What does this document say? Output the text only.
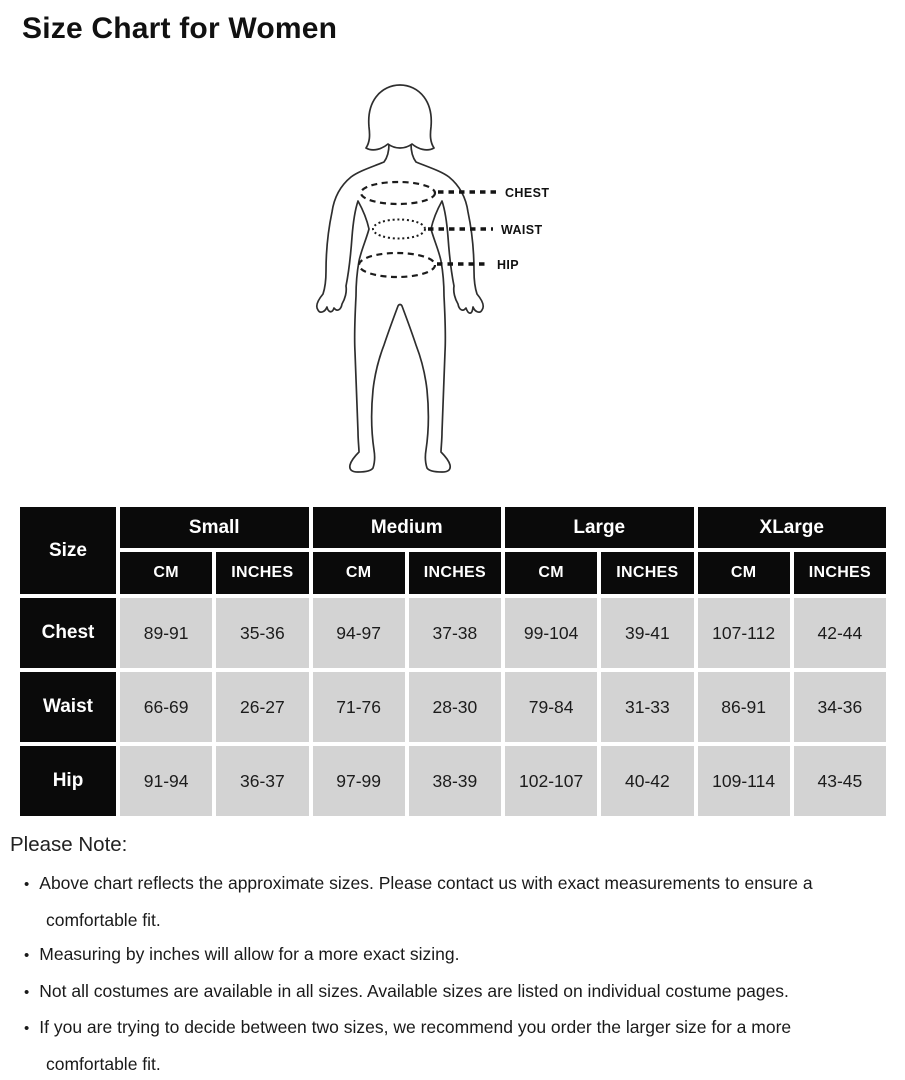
Size Chart for Women
CHEST
WAIST
HIP
Size	Small		Medium		Large		XLarge	
	CM	INCHES	CM	INCHES	CM	INCHES	CM	INCHES
Chest	89-91	35-36	94-97	37-38	99-104	39-41	107-112	42-44
Waist	66-69	26-27	71-76	28-30	79-84	31-33	86-91	34-36
Hip	91-94	36-37	97-99	38-39	102-107	40-42	109-114	43-45

Please Note:

• Above chart reflects the approximate sizes. Please contact us with exact measurements to ensure a comfortable fit.
• Measuring by inches will allow for a more exact sizing.
• Not all costumes are available in all sizes. Available sizes are listed on individual costume pages.
• If you are trying to decide between two sizes, we recommend you order the larger size for a more comfortable fit.
